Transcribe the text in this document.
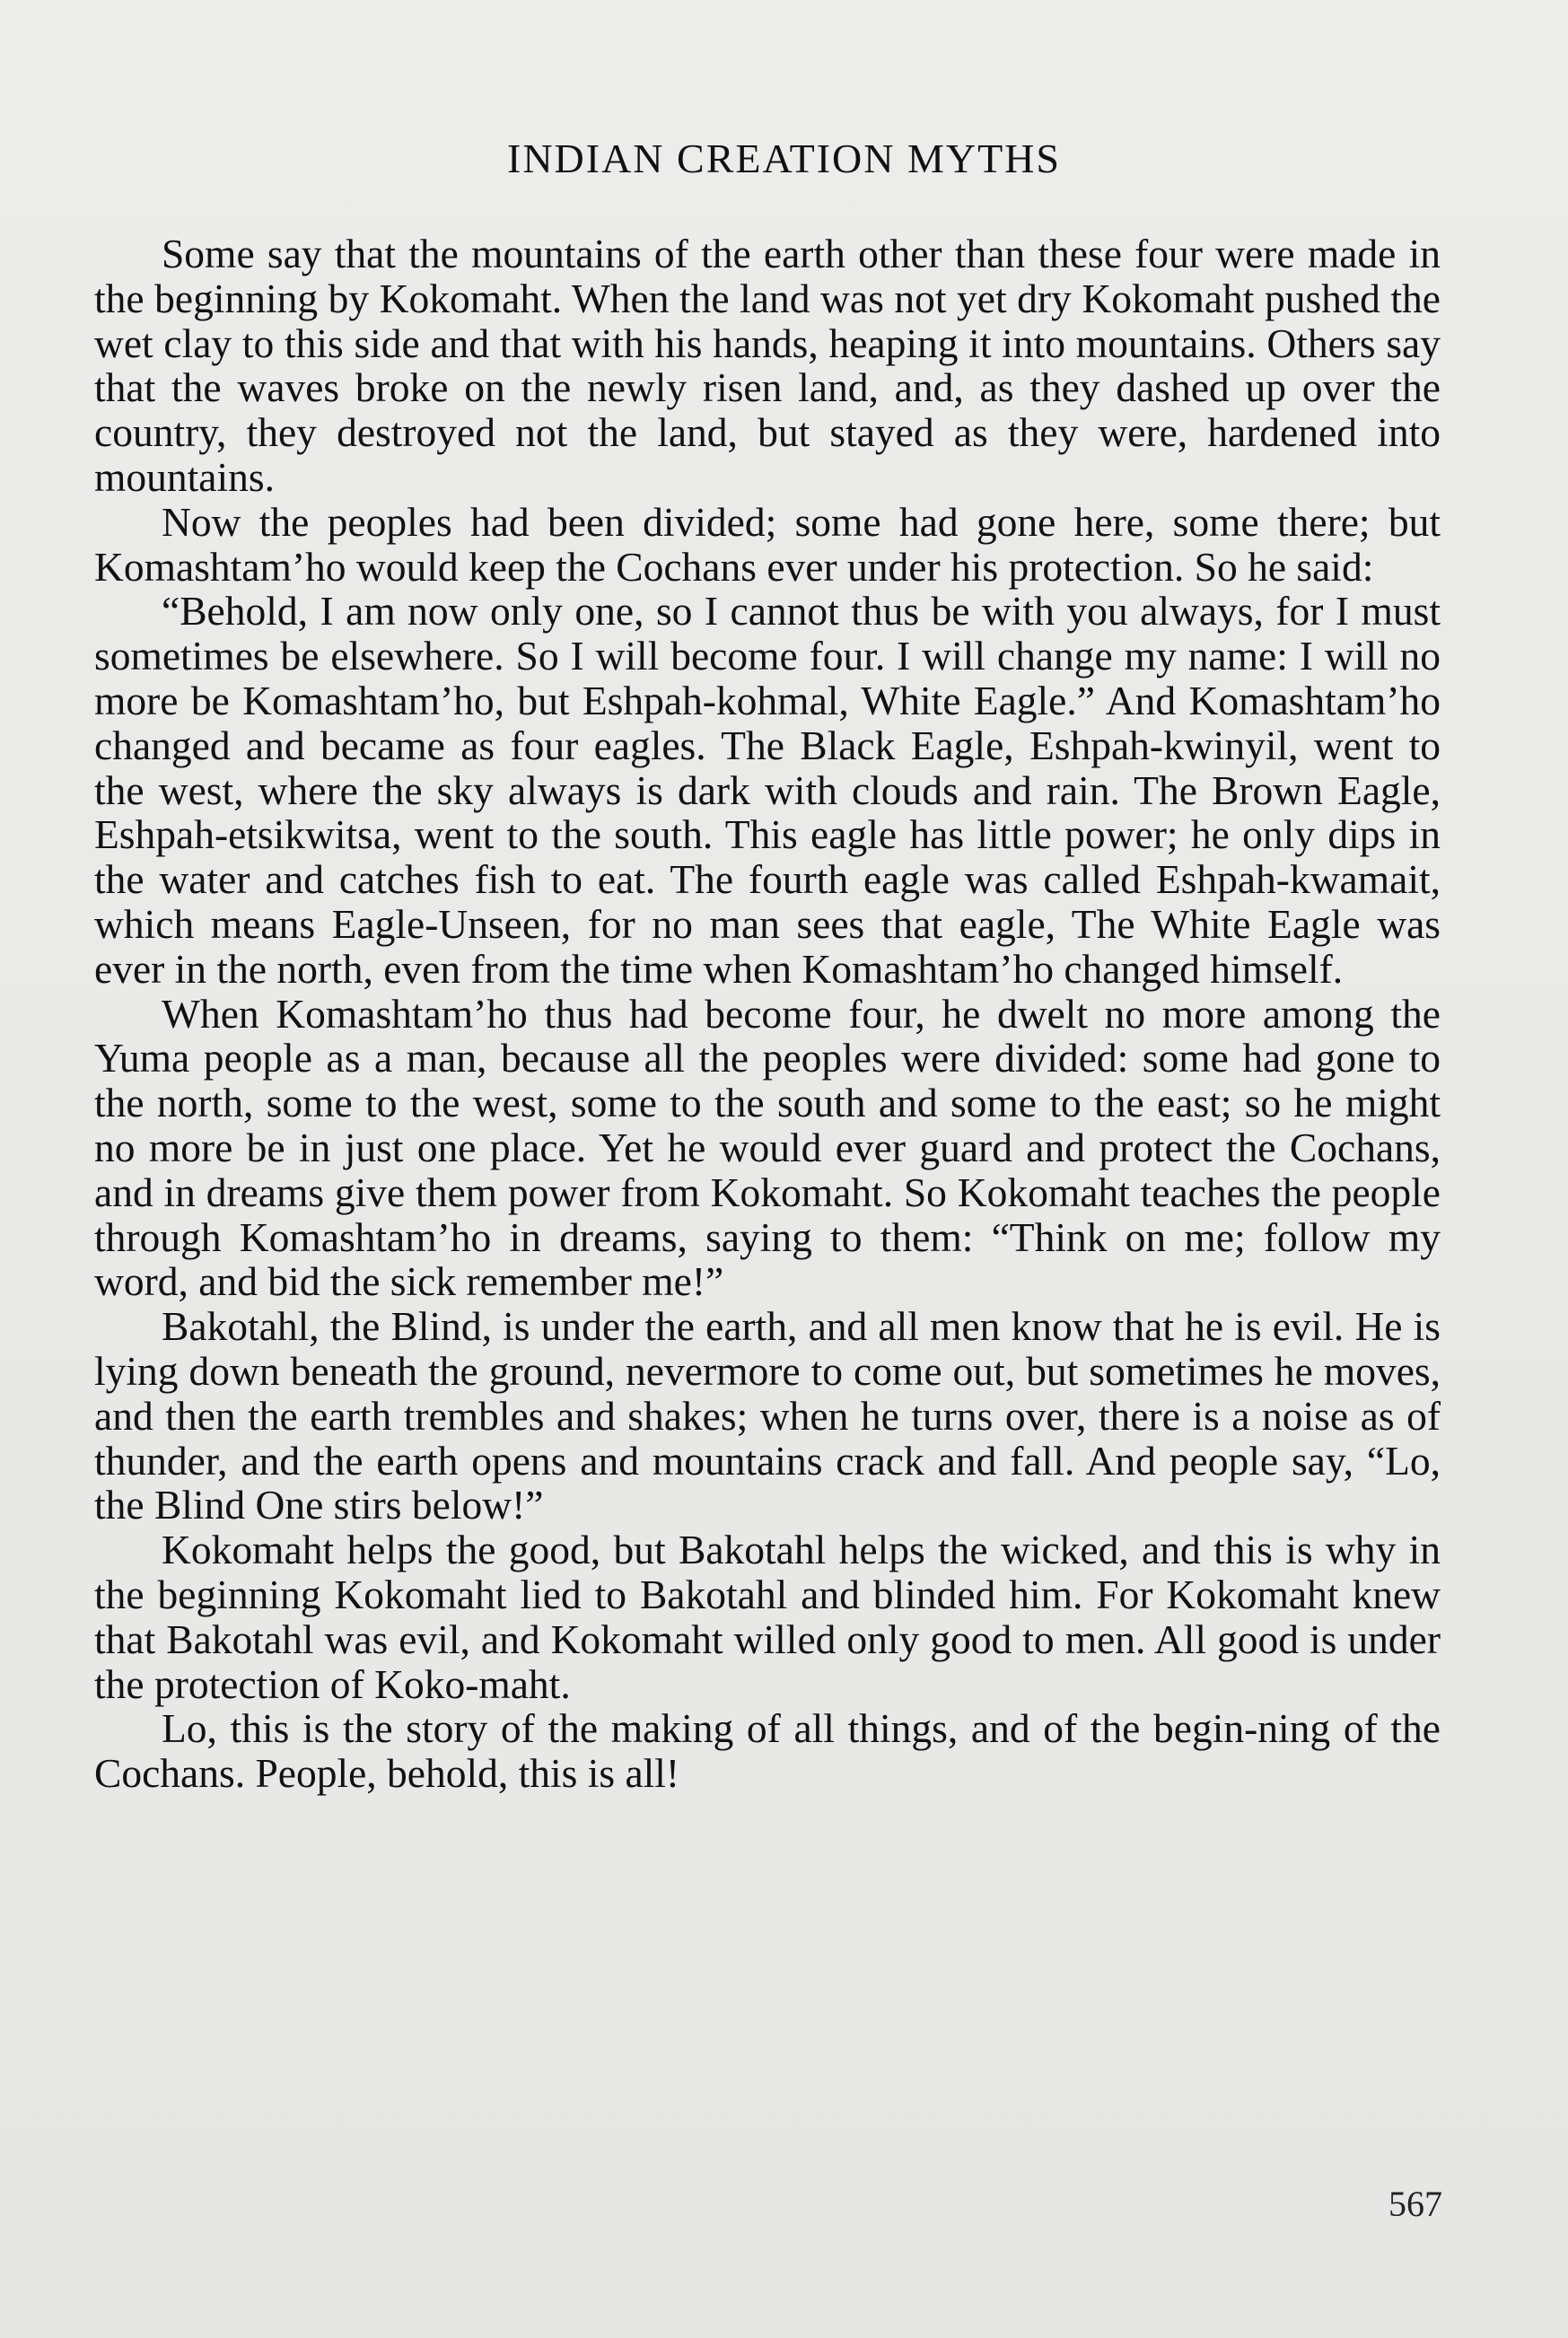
INDIAN CREATION MYTHS

Some say that the mountains of the earth other than these four were made in the beginning by Kokomaht. When the land was not yet dry Kokomaht pushed the wet clay to this side and that with his hands, heaping it into mountains. Others say that the waves broke on the newly risen land, and, as they dashed up over the country, they destroyed not the land, but stayed as they were, hardened into mountains.

Now the peoples had been divided; some had gone here, some there; but Komashtam’ho would keep the Cochans ever under his protection. So he said:

“Behold, I am now only one, so I cannot thus be with you always, for I must sometimes be elsewhere. So I will become four. I will change my name: I will no more be Komashtam’ho, but Eshpah-kohmal, White Eagle.” And Komashtam’ho changed and became as four eagles. The Black Eagle, Eshpah-kwinyil, went to the west, where the sky always is dark with clouds and rain. The Brown Eagle, Eshpah-etsikwitsa, went to the south. This eagle has little power; he only dips in the water and catches fish to eat. The fourth eagle was called Eshpah-kwamait, which means Eagle-Unseen, for no man sees that eagle, The White Eagle was ever in the north, even from the time when Komashtam’ho changed himself.

When Komashtam’ho thus had become four, he dwelt no more among the Yuma people as a man, because all the peoples were divided: some had gone to the north, some to the west, some to the south and some to the east; so he might no more be in just one place. Yet he would ever guard and protect the Cochans, and in dreams give them power from Kokomaht. So Kokomaht teaches the people through Komashtam’ho in dreams, saying to them: “Think on me; follow my word, and bid the sick remember me!”

Bakotahl, the Blind, is under the earth, and all men know that he is evil. He is lying down beneath the ground, nevermore to come out, but sometimes he moves, and then the earth trembles and shakes; when he turns over, there is a noise as of thunder, and the earth opens and mountains crack and fall. And people say, “Lo, the Blind One stirs below!”

Kokomaht helps the good, but Bakotahl helps the wicked, and this is why in the beginning Kokomaht lied to Bakotahl and blinded him. For Kokomaht knew that Bakotahl was evil, and Kokomaht willed only good to men. All good is under the protection of Koko-maht.

Lo, this is the story of the making of all things, and of the begin-ning of the Cochans. People, behold, this is all!

567
